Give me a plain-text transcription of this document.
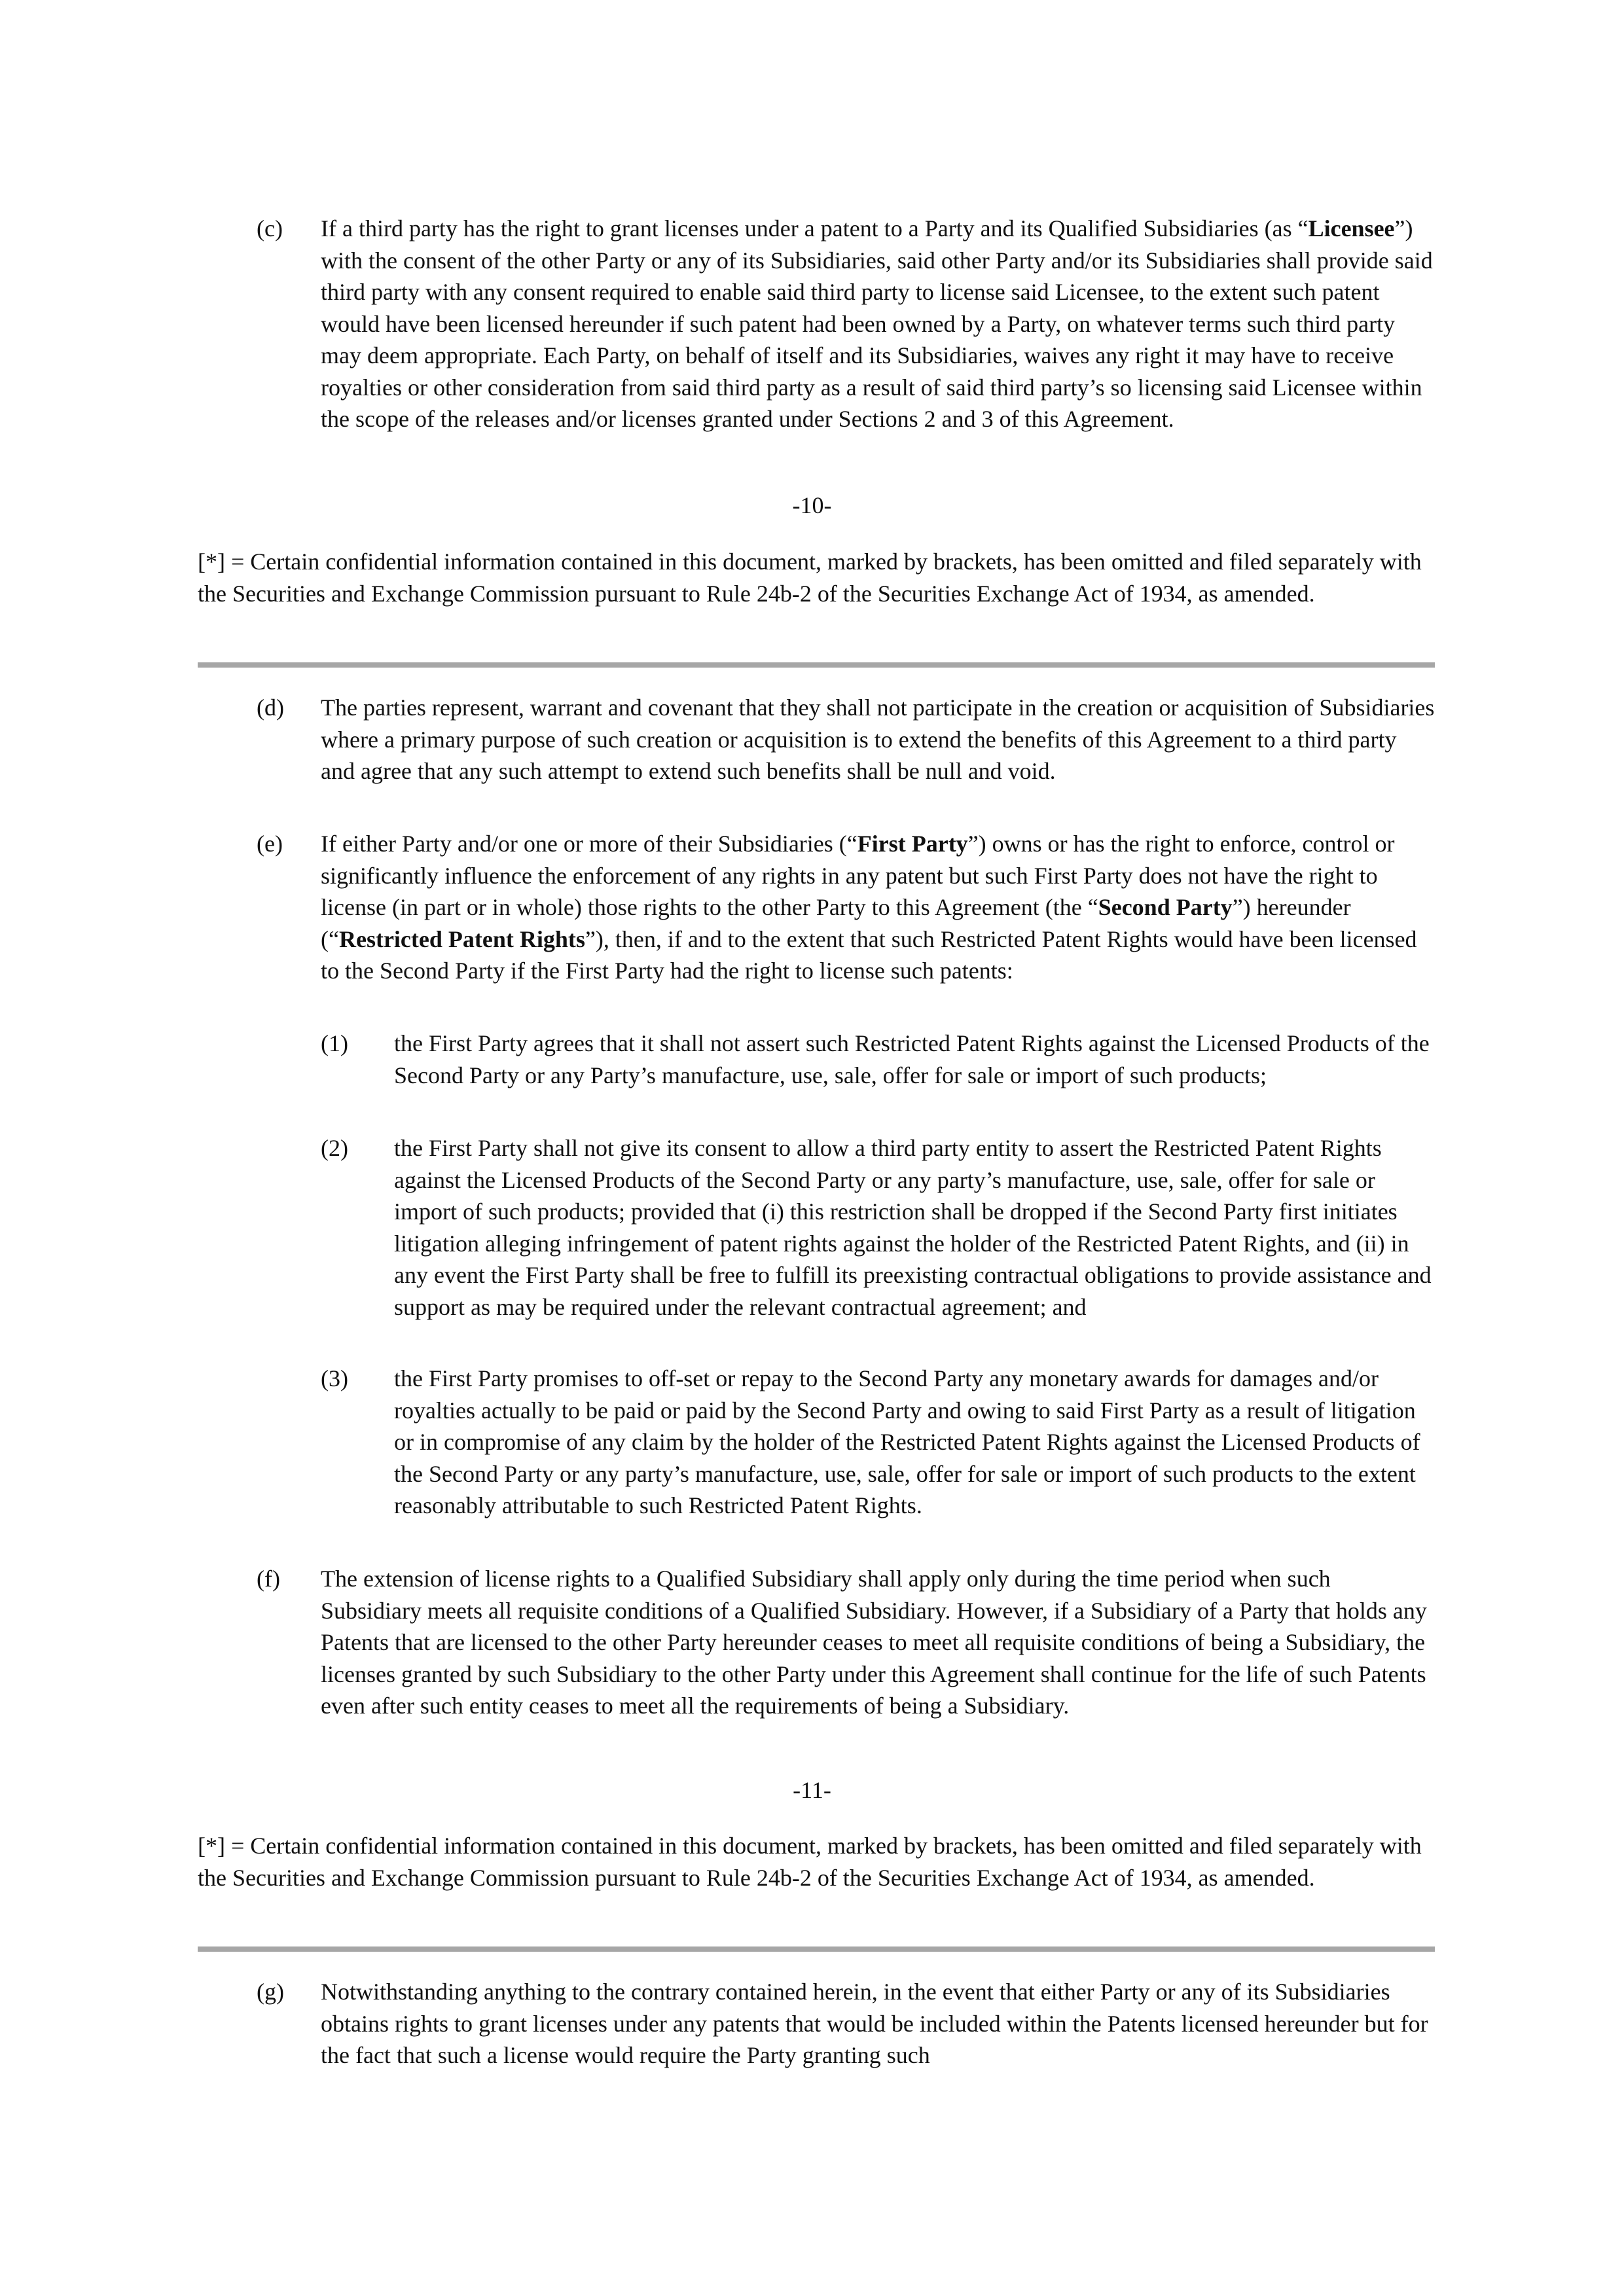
(c) If a third party has the right to grant licenses under a patent to a Party and its Qualified Subsidiaries (as “Licensee”) with the consent of the other Party or any of its Subsidiaries, said other Party and/or its Subsidiaries shall provide said third party with any consent required to enable said third party to license said Licensee, to the extent such patent would have been licensed hereunder if such patent had been owned by a Party, on whatever terms such third party may deem appropriate. Each Party, on behalf of itself and its Subsidiaries, waives any right it may have to receive royalties or other consideration from said third party as a result of said third party’s so licensing said Licensee within the scope of the releases and/or licenses granted under Sections 2 and 3 of this Agreement.
-10-
[*] = Certain confidential information contained in this document, marked by brackets, has been omitted and filed separately with the Securities and Exchange Commission pursuant to Rule 24b-2 of the Securities Exchange Act of 1934, as amended.
(d) The parties represent, warrant and covenant that they shall not participate in the creation or acquisition of Subsidiaries where a primary purpose of such creation or acquisition is to extend the benefits of this Agreement to a third party and agree that any such attempt to extend such benefits shall be null and void.
(e) If either Party and/or one or more of their Subsidiaries (“First Party”) owns or has the right to enforce, control or significantly influence the enforcement of any rights in any patent but such First Party does not have the right to license (in part or in whole) those rights to the other Party to this Agreement (the “Second Party”) hereunder (“Restricted Patent Rights”), then, if and to the extent that such Restricted Patent Rights would have been licensed to the Second Party if the First Party had the right to license such patents:
(1) the First Party agrees that it shall not assert such Restricted Patent Rights against the Licensed Products of the Second Party or any Party’s manufacture, use, sale, offer for sale or import of such products;
(2) the First Party shall not give its consent to allow a third party entity to assert the Restricted Patent Rights against the Licensed Products of the Second Party or any party’s manufacture, use, sale, offer for sale or import of such products; provided that (i) this restriction shall be dropped if the Second Party first initiates litigation alleging infringement of patent rights against the holder of the Restricted Patent Rights, and (ii) in any event the First Party shall be free to fulfill its preexisting contractual obligations to provide assistance and support as may be required under the relevant contractual agreement; and
(3) the First Party promises to off-set or repay to the Second Party any monetary awards for damages and/or royalties actually to be paid or paid by the Second Party and owing to said First Party as a result of litigation or in compromise of any claim by the holder of the Restricted Patent Rights against the Licensed Products of the Second Party or any party’s manufacture, use, sale, offer for sale or import of such products to the extent reasonably attributable to such Restricted Patent Rights.
(f) The extension of license rights to a Qualified Subsidiary shall apply only during the time period when such Subsidiary meets all requisite conditions of a Qualified Subsidiary. However, if a Subsidiary of a Party that holds any Patents that are licensed to the other Party hereunder ceases to meet all requisite conditions of being a Subsidiary, the licenses granted by such Subsidiary to the other Party under this Agreement shall continue for the life of such Patents even after such entity ceases to meet all the requirements of being a Subsidiary.
-11-
[*] = Certain confidential information contained in this document, marked by brackets, has been omitted and filed separately with the Securities and Exchange Commission pursuant to Rule 24b-2 of the Securities Exchange Act of 1934, as amended.
(g) Notwithstanding anything to the contrary contained herein, in the event that either Party or any of its Subsidiaries obtains rights to grant licenses under any patents that would be included within the Patents licensed hereunder but for the fact that such a license would require the Party granting such
